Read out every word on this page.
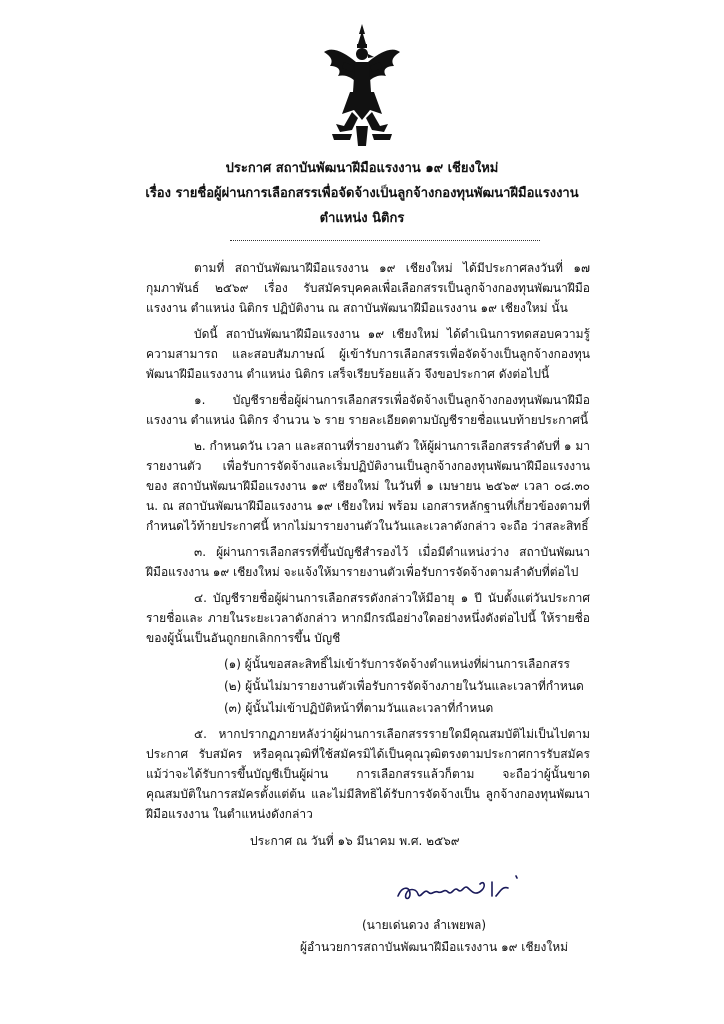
ประกาศ สถาบันพัฒนาฝีมือแรงงาน ๑๙ เชียงใหม่
เรื่อง รายชื่อผู้ผ่านการเลือกสรรเพื่อจัดจ้างเป็นลูกจ้างกองทุนพัฒนาฝีมือแรงงาน
ตำแหน่ง นิติกร

ตามที่ สถาบันพัฒนาฝีมือแรงงาน ๑๙ เชียงใหม่ ได้มีประกาศลงวันที่ ๑๗ กุมภาพันธ์ ๒๕๖๙ เรื่อง รับสมัครบุคคลเพื่อเลือกสรรเป็นลูกจ้างกองทุนพัฒนาฝีมือแรงงาน ตำแหน่ง นิติกร ปฏิบัติงาน ณ สถาบันพัฒนาฝีมือแรงงาน ๑๙ เชียงใหม่ นั้น

บัดนี้ สถาบันพัฒนาฝีมือแรงงาน ๑๙ เชียงใหม่ ได้ดำเนินการทดสอบความรู้ความสามารถ และสอบสัมภาษณ์ ผู้เข้ารับการเลือกสรรเพื่อจัดจ้างเป็นลูกจ้างกองทุนพัฒนาฝีมือแรงงาน ตำแหน่ง นิติกร เสร็จเรียบร้อยแล้ว จึงขอประกาศ ดังต่อไปนี้

๑. บัญชีรายชื่อผู้ผ่านการเลือกสรรเพื่อจัดจ้างเป็นลูกจ้างกองทุนพัฒนาฝีมือแรงงาน ตำแหน่ง นิติกร จำนวน ๖ ราย รายละเอียดตามบัญชีรายชื่อแนบท้ายประกาศนี้

๒. กำหนดวัน เวลา และสถานที่รายงานตัว ให้ผู้ผ่านการเลือกสรรลำดับที่ ๑ มารายงานตัว เพื่อรับการจัดจ้างและเริ่มปฏิบัติงานเป็นลูกจ้างกองทุนพัฒนาฝีมือแรงงานของ สถาบันพัฒนาฝีมือแรงงาน ๑๙ เชียงใหม่ ในวันที่ ๑ เมษายน ๒๕๖๙ เวลา ๐๘.๓๐ น. ณ สถาบันพัฒนาฝีมือแรงงาน ๑๙ เชียงใหม่ พร้อม เอกสารหลักฐานที่เกี่ยวข้องตามที่กำหนดไว้ท้ายประกาศนี้ หากไม่มารายงานตัวในวันและเวลาดังกล่าว จะถือ ว่าสละสิทธิ์

๓. ผู้ผ่านการเลือกสรรที่ขึ้นบัญชีสำรองไว้ เมื่อมีตำแหน่งว่าง สถาบันพัฒนาฝีมือแรงงาน ๑๙ เชียงใหม่ จะแจ้งให้มารายงานตัวเพื่อรับการจัดจ้างตามลำดับที่ต่อไป

๔. บัญชีรายชื่อผู้ผ่านการเลือกสรรดังกล่าวให้มีอายุ ๑ ปี นับตั้งแต่วันประกาศรายชื่อและ ภายในระยะเวลาดังกล่าว หากมีกรณีอย่างใดอย่างหนึ่งดังต่อไปนี้ ให้รายชื่อของผู้นั้นเป็นอันถูกยกเลิกการขึ้น บัญชี

(๑) ผู้นั้นขอสละสิทธิ์ไม่เข้ารับการจัดจ้างตำแหน่งที่ผ่านการเลือกสรร
(๒) ผู้นั้นไม่มารายงานตัวเพื่อรับการจัดจ้างภายในวันและเวลาที่กำหนด
(๓) ผู้นั้นไม่เข้าปฏิบัติหน้าที่ตามวันและเวลาที่กำหนด

๕. หากปรากฏภายหลังว่าผู้ผ่านการเลือกสรรรายใดมีคุณสมบัติไม่เป็นไปตามประกาศ รับสมัคร หรือคุณวุฒิที่ใช้สมัครมิได้เป็นคุณวุฒิตรงตามประกาศการรับสมัคร แม้ว่าจะได้รับการขึ้นบัญชีเป็นผู้ผ่าน การเลือกสรรแล้วก็ตาม จะถือว่าผู้นั้นขาดคุณสมบัติในการสมัครตั้งแต่ต้น และไม่มีสิทธิได้รับการจัดจ้างเป็น ลูกจ้างกองทุนพัฒนาฝีมือแรงงาน ในตำแหน่งดังกล่าว

ประกาศ ณ วันที่ ๑๖ มีนาคม พ.ศ. ๒๕๖๙
(นายเด่นดวง ลำเพยพล)
ผู้อำนวยการสถาบันพัฒนาฝีมือแรงงาน ๑๙ เชียงใหม่
